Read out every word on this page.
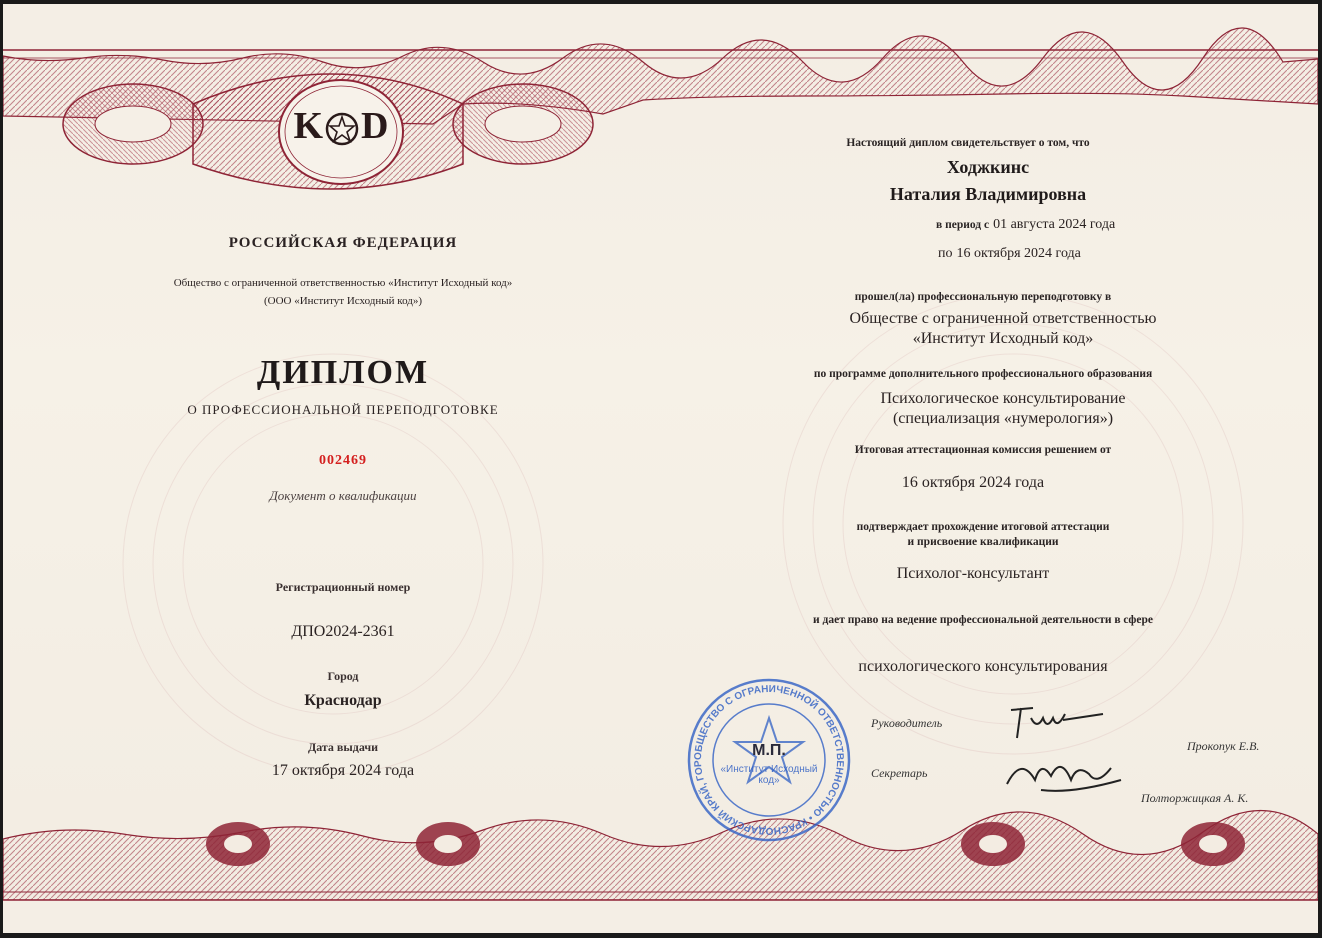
K D
РОССИЙСКАЯ ФЕДЕРАЦИЯ
Общество с ограниченной ответственностью «Институт Исходный код»
(ООО «Институт Исходный код»)
ДИПЛОМ
О ПРОФЕССИОНАЛЬНОЙ ПЕРЕПОДГОТОВКЕ
002469
Документ о квалификации
Регистрационный номер
ДПО2024-2361
Город
Краснодар
Дата выдачи
17 октября 2024 года
Настоящий диплом свидетельствует о том, что
Ходжкинс
Наталия Владимировна
в период с 01 августа 2024 года
по 16 октября 2024 года
прошел(ла) профессиональную переподготовку в
Обществе с ограниченной ответственностью
«Институт Исходный код»
по программе дополнительного профессионального образования
Психологическое консультирование
(специализация «нумерология»)
Итоговая аттестационная комиссия решением от
16 октября 2024 года
подтверждает прохождение итоговой аттестации
и присвоение квалификации
Психолог-консультант
и дает право на ведение профессиональной деятельности в сфере
психологического консультирования
ОБЩЕСТВО С ОГРАНИЧЕННОЙ ОТВЕТСТВЕННОСТЬЮ • КРАСНОДАРСКИЙ КРАЙ, ГОР
М.П.
«Институт Исходный код»
Руководитель
Прокопук Е.В.
Секретарь
Полторжицкая А. К.
